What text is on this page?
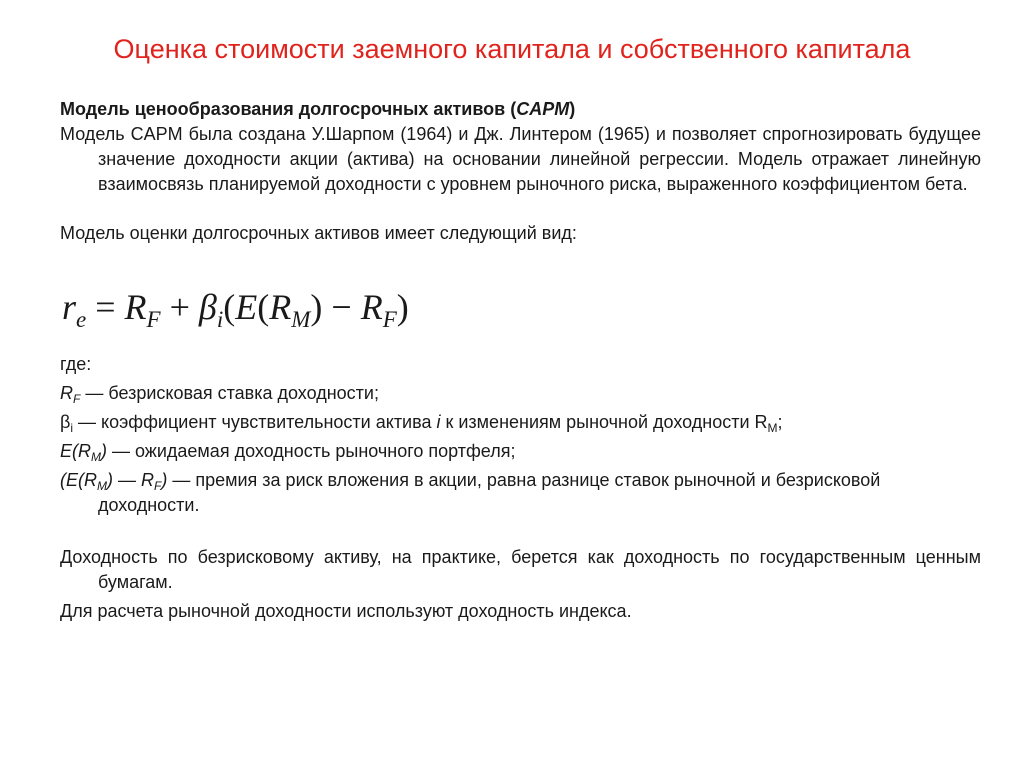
Оценка стоимости заемного капитала и собственного капитала
Модель ценообразования долгосрочных активов (CAPM)
Модель CAPM была создана У.Шарпом (1964) и Дж. Линтером (1965) и позволяет спрогнозировать будущее значение доходности акции (актива) на основании линейной регрессии. Модель отражает линейную взаимосвязь планируемой доходности с уровнем рыночного риска, выраженного коэффициентом бета.
Модель оценки долгосрочных активов имеет следующий вид:
$r_e = R_F + \beta_i(E(R_M) - R_F)$
где:
$R_F$ — безрисковая ставка доходности;
$\beta_i$ — коэффициент чувствительности актива i к изменениям рыночной доходности $R_M$;
$E(R_M)$ — ожидаемая доходность рыночного портфеля;
($E(R_M)$ — $R_F$) — премия за риск вложения в акции, равна разнице ставок рыночной и безрисковой доходности.
Доходность по безрисковому активу, на практике, берется как доходность по государственным ценным бумагам.
Для расчета рыночной доходности используют доходность индекса.
